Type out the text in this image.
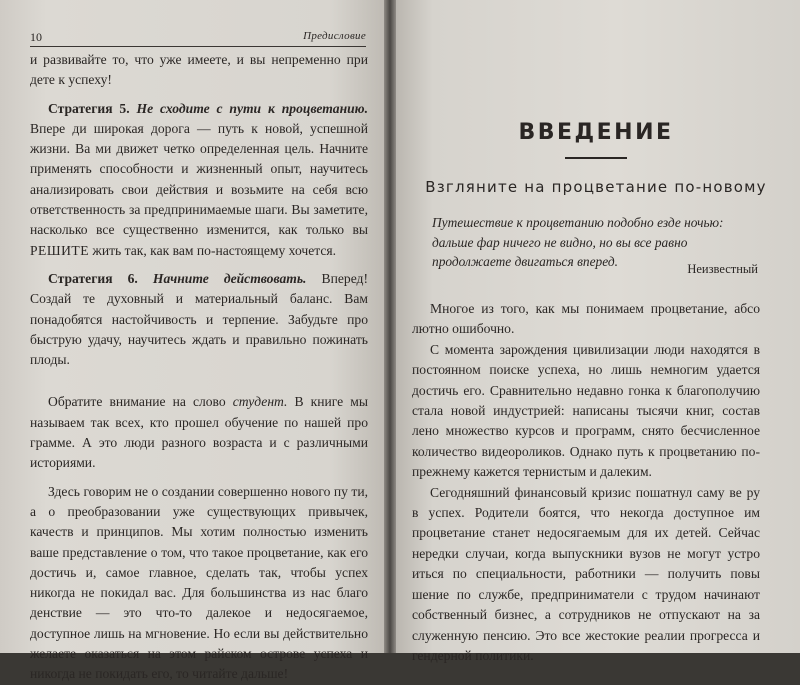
10	Предисловие

и развивайте то, что уже имеете, и вы непременно при дете к успеху!

Стратегия 5. Не сходите с пути к процветанию. Впере ди широкая дорога — путь к новой, успешной жизни. Ва ми движет четко определенная цель. Начните применять способности и жизненный опыт, научитесь анализировать свои действия и возьмите на себя всю ответственность за предпринимаемые шаги. Вы заметите, насколько все существенно изменится, как только вы РЕШИТЕ жить так, как вам по-настоящему хочется.

Стратегия 6. Начните действовать. Вперед! Создай те духовный и материальный баланс. Вам понадобятся настойчивость и терпение. Забудьте про быструю удачу, научитесь ждать и правильно пожинать плоды.

Обратите внимание на слово студент. В книге мы называем так всех, кто прошел обучение по нашей про грамме. А это люди разного возраста и с различными историями.

Здесь говорим не о создании совершенно нового пу ти, а о преобразовании уже существующих привычек, качеств и принципов. Мы хотим полностью изменить ваше представление о том, что такое процветание, как его достичь и, самое главное, сделать так, чтобы успех никогда не покидал вас. Для большинства из нас благо денствие — это что-то далекое и недосягаемое, доступное лишь на мгновение. Но если вы действительно желаете оказаться на этом райском острове успеха и никогда не покидать его, то читайте дальше!

ВВЕДЕНИЕ
Взгляните на процветание по-новому
Путешествие к процветанию подобно езде ночью: дальше фар ничего не видно, но вы все равно продолжаете двигаться вперед.	Неизвестный

Многое из того, как мы понимаем процветание, абсо лютно ошибочно.

С момента зарождения цивилизации люди находятся в постоянном поиске успеха, но лишь немногим удается достичь его. Сравнительно недавно гонка к благополучию стала новой индустрией: написаны тысячи книг, состав лено множество курсов и программ, снято бесчисленное количество видеороликов. Однако путь к процветанию по-прежнему кажется тернистым и далеким.

Сегодняшний финансовый кризис пошатнул саму ве ру в успех. Родители боятся, что некогда доступное им процветание станет недосягаемым для их детей. Сейчас нередки случаи, когда выпускники вузов не могут устро иться по специальности, работники — получить повы шение по службе, предприниматели с трудом начинают собственный бизнес, а сотрудников не отпускают на за служенную пенсию. Это все жестокие реалии прогресса и гендерной политики.
